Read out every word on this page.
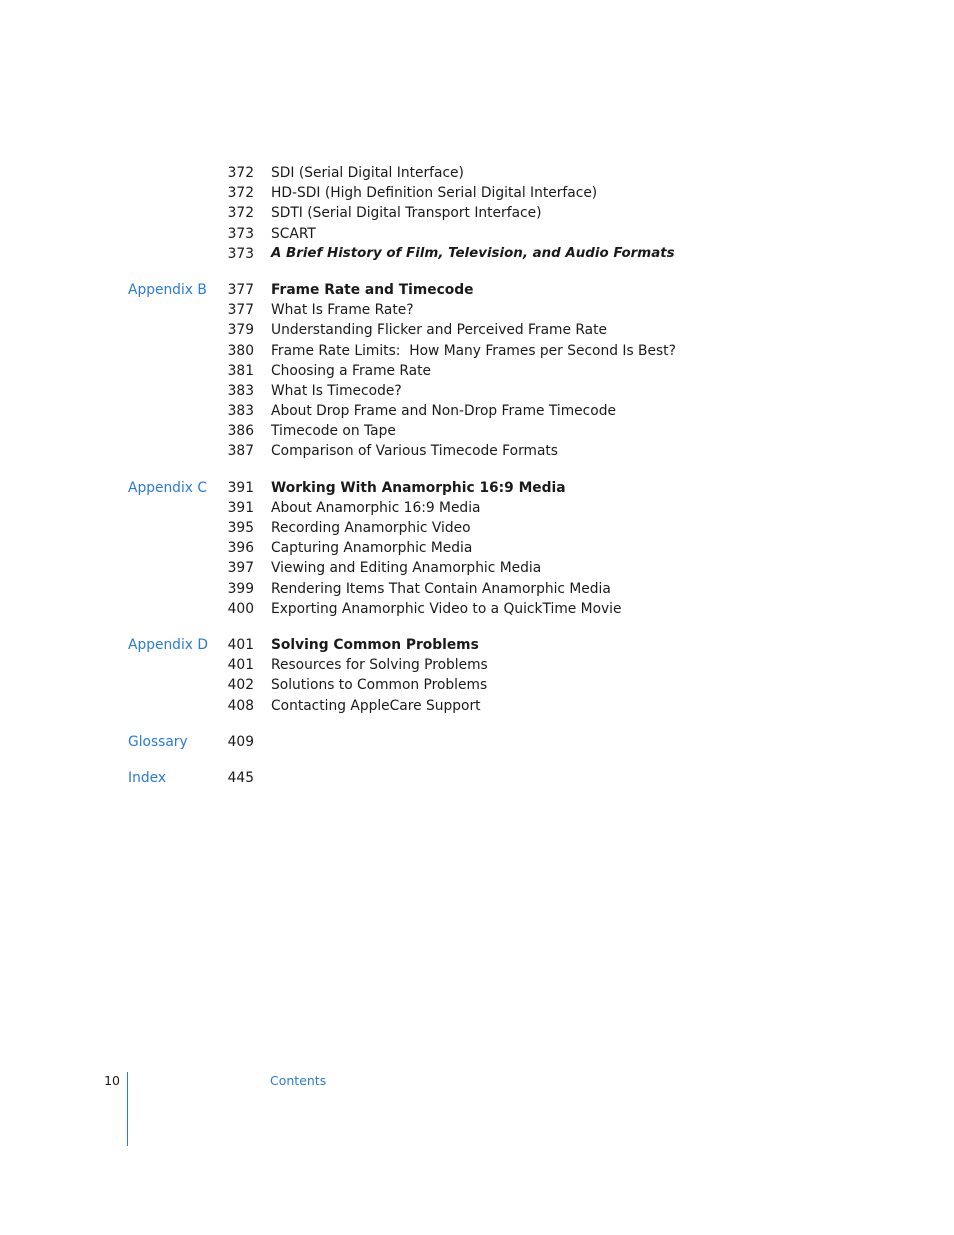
372 SDI (Serial Digital Interface)
372 HD-SDI (High Definition Serial Digital Interface)
372 SDTI (Serial Digital Transport Interface)
373 SCART
373 A Brief History of Film, Television, and Audio Formats
Appendix B	377 Frame Rate and Timecode
377 What Is Frame Rate?
379 Understanding Flicker and Perceived Frame Rate
380 Frame Rate Limits:  How Many Frames per Second Is Best?
381 Choosing a Frame Rate
383 What Is Timecode?
383 About Drop Frame and Non-Drop Frame Timecode
386 Timecode on Tape
387 Comparison of Various Timecode Formats
Appendix C	391 Working With Anamorphic 16:9 Media
391 About Anamorphic 16:9 Media
395 Recording Anamorphic Video
396 Capturing Anamorphic Media
397 Viewing and Editing Anamorphic Media
399 Rendering Items That Contain Anamorphic Media
400 Exporting Anamorphic Video to a QuickTime Movie
Appendix D	401 Solving Common Problems
401 Resources for Solving Problems
402 Solutions to Common Problems
408 Contacting AppleCare Support
Glossary	409
Index	445
10	Contents
